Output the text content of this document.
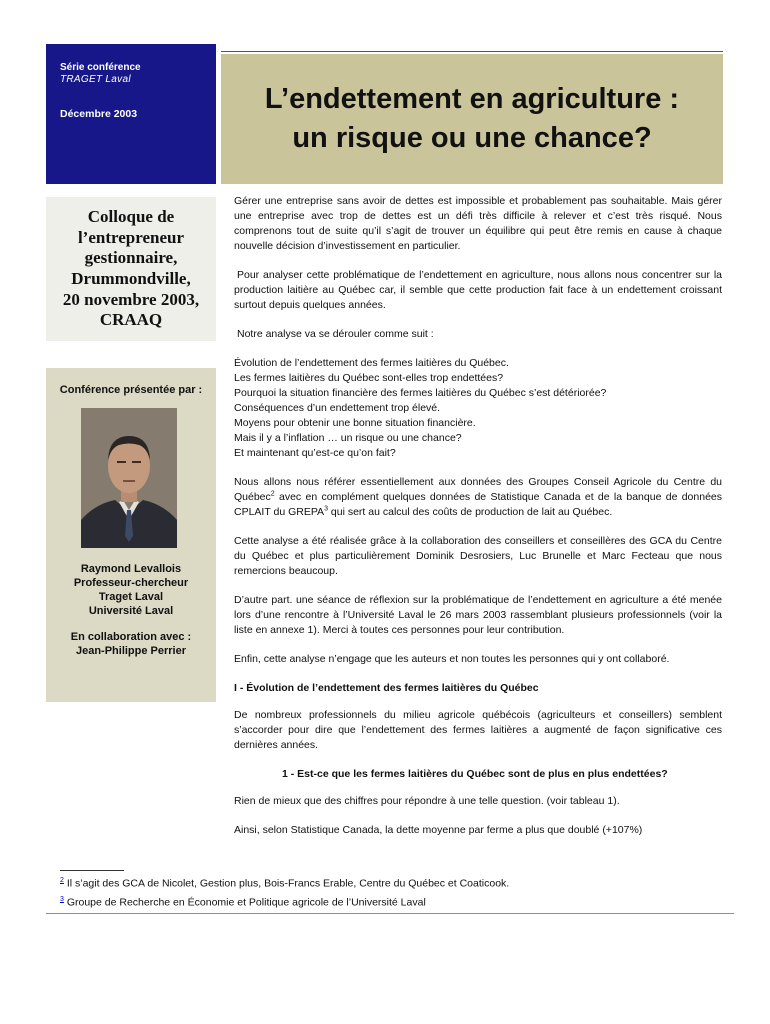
Série conférence
TRAGET Laval
Décembre 2003	L’endettement en agriculture :
un risque ou une chance?

Colloque de
l’entrepreneur
gestionnaire,
Drummondville,
20 novembre 2003,
CRAAQ

Conférence présentée par :
Raymond Levallois
Professeur-chercheur
Traget Laval
Université Laval
En collaboration avec :
Jean-Philippe Perrier

Gérer une entreprise sans avoir de dettes est impossible et probablement pas souhaitable. Mais gérer une entreprise avec trop de dettes est un défi très difficile à relever et c’est très risqué. Nous comprenons tout de suite qu’il s’agit de trouver un équilibre qui peut être remis en cause à chaque nouvelle décision d’investissement en particulier.

Pour analyser cette problématique de l’endettement en agriculture, nous allons nous concentrer sur la production laitière au Québec car, il semble que cette production fait face à un endettement croissant surtout depuis quelques années.

Notre analyse va se dérouler comme suit :

Évolution de l’endettement des fermes laitières du Québec.
Les fermes laitières du Québec sont-elles trop endettées?
Pourquoi la situation financière des fermes laitières du Québec s’est détériorée?
Conséquences d’un endettement trop élevé.
Moyens pour obtenir une bonne situation financière.
Mais il y a l’inflation … un risque ou une chance?
Et maintenant qu’est-ce qu’on fait?

Nous allons nous référer essentiellement aux données des Groupes Conseil Agricole du Centre du Québec$^2$ avec en complément quelques données de Statistique Canada et de la banque de données CPLAIT du GREPA$^3$ qui sert au calcul des coûts de production de lait au Québec.

Cette analyse a été réalisée grâce à la collaboration des conseillers et conseillères des GCA du Centre du Québec et plus particulièrement Dominik Desrosiers, Luc Brunelle et Marc Fecteau que nous remercions beaucoup.

D’autre part. une séance de réflexion sur la problématique de l’endettement en agriculture a été menée lors d’une rencontre à l’Université Laval le 26 mars 2003 rassemblant plusieurs professionnels (voir la liste en annexe 1). Merci à toutes ces personnes pour leur contribution.

Enfin, cette analyse n’engage que les auteurs et non toutes les personnes qui y ont collaboré.

I - Évolution de l’endettement des fermes laitières du Québec

De nombreux professionnels du milieu agricole québécois (agriculteurs et conseillers) semblent s’accorder pour dire que l’endettement des fermes laitières a augmenté de façon significative ces dernières années.

1 - Est-ce que les fermes laitières du Québec sont de plus en plus endettées?

Rien de mieux que des chiffres pour répondre à une telle question. (voir tableau 1).

Ainsi, selon Statistique Canada, la dette moyenne par ferme a plus que doublé (+107%)

$^2$ Il s’agit des GCA de Nicolet, Gestion plus, Bois-Francs Erable, Centre du Québec et Coaticook.
$^3$ Groupe de Recherche en Économie et Politique agricole de l’Université Laval
